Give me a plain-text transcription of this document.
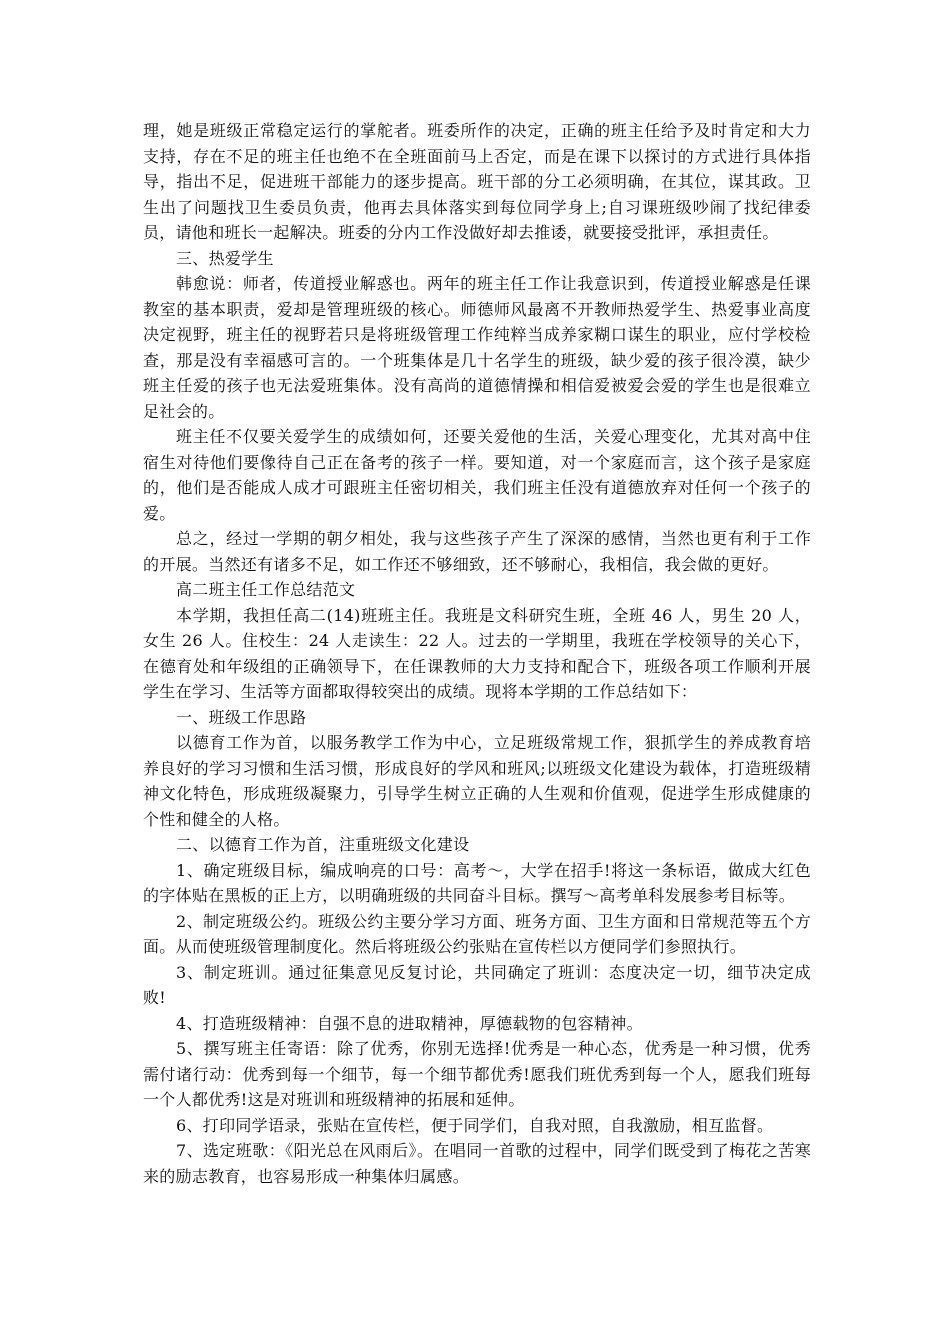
理，她是班级正常稳定运行的掌舵者。班委所作的决定，正确的班主任给予及时肯定和大力支持，存在不足的班主任也绝不在全班面前马上否定，而是在课下以探讨的方式进行具体指导，指出不足，促进班干部能力的逐步提高。班干部的分工必须明确，在其位，谋其政。卫生出了问题找卫生委员负责，他再去具体落实到每位同学身上;自习课班级吵闹了找纪律委员，请他和班长一起解决。班委的分内工作没做好却去推诿，就要接受批评，承担责任。

三、热爱学生

韩愈说：师者，传道授业解惑也。两年的班主任工作让我意识到，传道授业解惑是任课教室的基本职责，爱却是管理班级的核心。师德师风最离不开教师热爱学生、热爱事业高度决定视野，班主任的视野若只是将班级管理工作纯粹当成养家糊口谋生的职业，应付学校检查，那是没有幸福感可言的。一个班集体是几十名学生的班级，缺少爱的孩子很冷漠，缺少班主任爱的孩子也无法爱班集体。没有高尚的道德情操和相信爱被爱会爱的学生也是很难立足社会的。

班主任不仅要关爱学生的成绩如何，还要关爱他的生活，关爱心理变化，尤其对高中住宿生对待他们要像待自己正在备考的孩子一样。要知道，对一个家庭而言，这个孩子是家庭的，他们是否能成人成才可跟班主任密切相关，我们班主任没有道德放弃对任何一个孩子的爱。

总之，经过一学期的朝夕相处，我与这些孩子产生了深深的感情，当然也更有利于工作的开展。当然还有诸多不足，如工作还不够细致，还不够耐心，我相信，我会做的更好。

高二班主任工作总结范文

本学期，我担任高二(14)班班主任。我班是文科研究生班，全班 46 人，男生 20 人，女生 26 人。住校生：24 人走读生：22 人。过去的一学期里，我班在学校领导的关心下，在德育处和年级组的正确领导下，在任课教师的大力支持和配合下，班级各项工作顺利开展学生在学习、生活等方面都取得较突出的成绩。现将本学期的工作总结如下：

一、班级工作思路

以德育工作为首，以服务教学工作为中心，立足班级常规工作，狠抓学生的养成教育培养良好的学习习惯和生活习惯，形成良好的学风和班风;以班级文化建设为载体，打造班级精神文化特色，形成班级凝聚力，引导学生树立正确的人生观和价值观，促进学生形成健康的个性和健全的人格。

二、以德育工作为首，注重班级文化建设

1、确定班级目标，编成响亮的口号：高考～，大学在招手!将这一条标语，做成大红色的字体贴在黑板的正上方，以明确班级的共同奋斗目标。撰写～高考单科发展参考目标等。

2、制定班级公约。班级公约主要分学习方面、班务方面、卫生方面和日常规范等五个方面。从而使班级管理制度化。然后将班级公约张贴在宣传栏以方便同学们参照执行。

3、制定班训。通过征集意见反复讨论，共同确定了班训：态度决定一切，细节决定成败!

4、打造班级精神：自强不息的进取精神，厚德载物的包容精神。

5、撰写班主任寄语：除了优秀，你别无选择!优秀是一种心态，优秀是一种习惯，优秀需付诸行动：优秀到每一个细节，每一个细节都优秀!愿我们班优秀到每一个人，愿我们班每一个人都优秀!这是对班训和班级精神的拓展和延伸。

6、打印同学语录，张贴在宣传栏，便于同学们，自我对照，自我激励，相互监督。

7、选定班歌：《阳光总在风雨后》。在唱同一首歌的过程中，同学们既受到了梅花之苦寒来的励志教育，也容易形成一种集体归属感。
